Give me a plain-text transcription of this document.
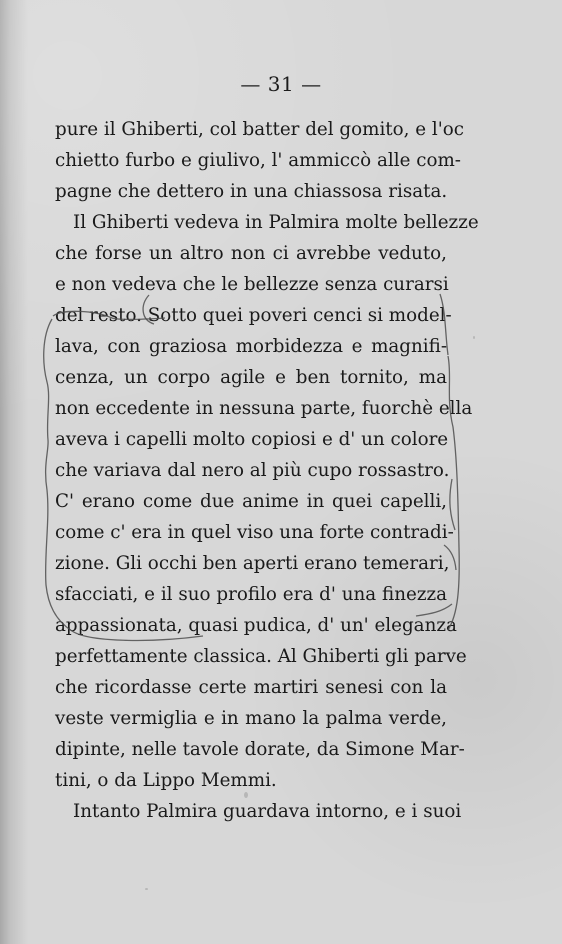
— 31 —
pure il Ghiberti, col batter del gomito, e l'oc
chietto furbo e giulivo, l' ammiccò alle com-
pagne che dettero in una chiassosa risata.
Il Ghiberti vedeva in Palmira molte bellezze
che forse un altro non ci avrebbe veduto,
e non vedeva che le bellezze senza curarsi
del resto. Sotto quei poveri cenci si model-
lava, con graziosa morbidezza e magnifi-
cenza, un corpo agile e ben tornito, ma
non eccedente in nessuna parte, fuorchè ella
aveva i capelli molto copiosi e d' un colore
che variava dal nero al più cupo rossastro.
C' erano come due anime in quei capelli,
come c' era in quel viso una forte contradi-
zione. Gli occhi ben aperti erano temerari,
sfacciati, e il suo profilo era d' una finezza
appassionata, quasi pudica, d' un' eleganza
perfettamente classica. Al Ghiberti gli parve
che ricordasse certe martiri senesi con la
veste vermiglia e in mano la palma verde,
dipinte, nelle tavole dorate, da Simone Mar-
tini, o da Lippo Memmi.
Intanto Palmira guardava intorno, e i suoi
